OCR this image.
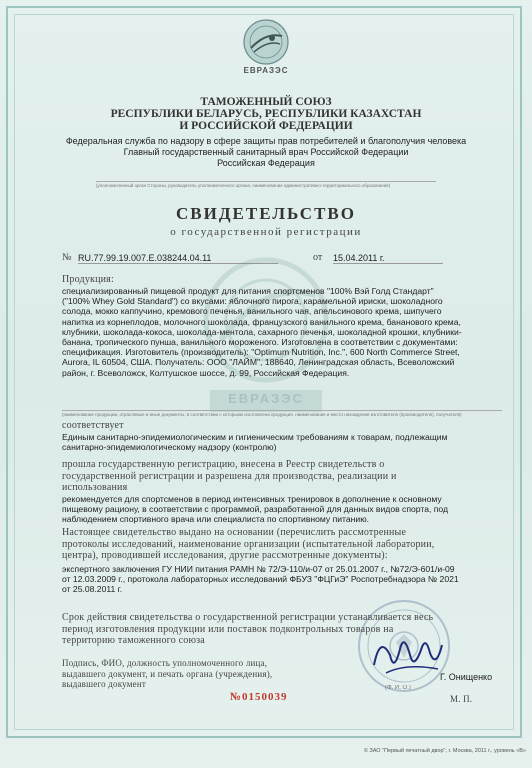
ЕВРАЗЭС
ТАМОЖЕННЫЙ СОЮЗ
РЕСПУБЛИКИ БЕЛАРУСЬ, РЕСПУБЛИКИ КАЗАХСТАН
И РОССИЙСКОЙ ФЕДЕРАЦИИ
Федеральная служба по надзору в сфере защиты прав потребителей и благополучия человека
Главный государственный санитарный врач Российской Федерации
Российская Федерация
(уполномоченный орган Стороны, руководитель уполномоченного органа, наименование административно-территориального образования)
СВИДЕТЕЛЬСТВО
о государственной регистрации
№ RU.77.99.19.007.Е.038244.04.11	от 15.04.2011 г.
ЕВРАЗЭС
Продукция:
специализированный пищевой продукт для питания спортсменов "100% Вэй Голд Стандарт"
("100% Whey Gold Standard") со вкусами: яблочного пирога, карамельной ириски, шоколадного
солода, мокко каппучино, кремового печенья, ванильного чая, апельсинового крема, шипучего
напитка из корнеплодов, молочного шоколада, французского ванильного крема, бананового крема,
клубники, шоколада-кокоса, шоколада-ментола, сахарного печенья, шоколадной крошки, клубники-
банана, тропического пунша, ванильного мороженого. Изготовлена в соответствии с документами:
спецификация. Изготовитель (производитель): "Optimum Nutrition, Inc.", 600 North Commerce Street,
Aurora, IL 60504, США. Получатель: ООО "ЛАЙМ", 188640, Ленинградская область, Всеволожский
район, г. Всеволожск, Колтушское шоссе, д. 99, Российская Федерация.
(наименование продукции, отраслевые и иные документы, в соответствии с которыми изготовлена продукция, наименование и место нахождения изготовителя (производителя), получателя)
соответствует
Единым санитарно-эпидемиологическим и гигиеническим требованиям к товарам, подлежащим
санитарно-эпидемиологическому надзору (контролю)
прошла государственную регистрацию, внесена в Реестр свидетельств о
государственной регистрации и разрешена для производства, реализации и
использования
рекомендуется для спортсменов в период интенсивных тренировок в дополнение к основному
пищевому рациону, в соответствии с программой, разработанной для данных видов спорта, под
наблюдением спортивного врача или специалиста по спортивному питанию.
Настоящее свидетельство выдано на основании (перечислить рассмотренные
протоколы исследований, наименование организации (испытательной лаборатории,
центра), проводившей исследования, другие рассмотренные документы):
экспертного заключения ГУ НИИ питания РАМН № 72/Э-110/и-07 от 25.01.2007 г., №72/Э-601/и-09
от 12.03.2009 г., протокола лабораторных исследований ФБУЗ "ФЦГиЭ" Роспотребнадзора № 2021
от 25.08.2011 г.
Срок действия свидетельства о государственной регистрации устанавливается весь
период изготовления продукции или поставок подконтрольных товаров на
территорию таможенного союза
Подпись, ФИО, должность уполномоченного лица,
выдавшего документ, и печать органа (учреждения),
выдавшего документ
Г. Онищенко
(Ф. И. О.)
№0150039	М. П.
© ЗАО "Первый печатный двор", г. Москва, 2011 г., уровень «В»
